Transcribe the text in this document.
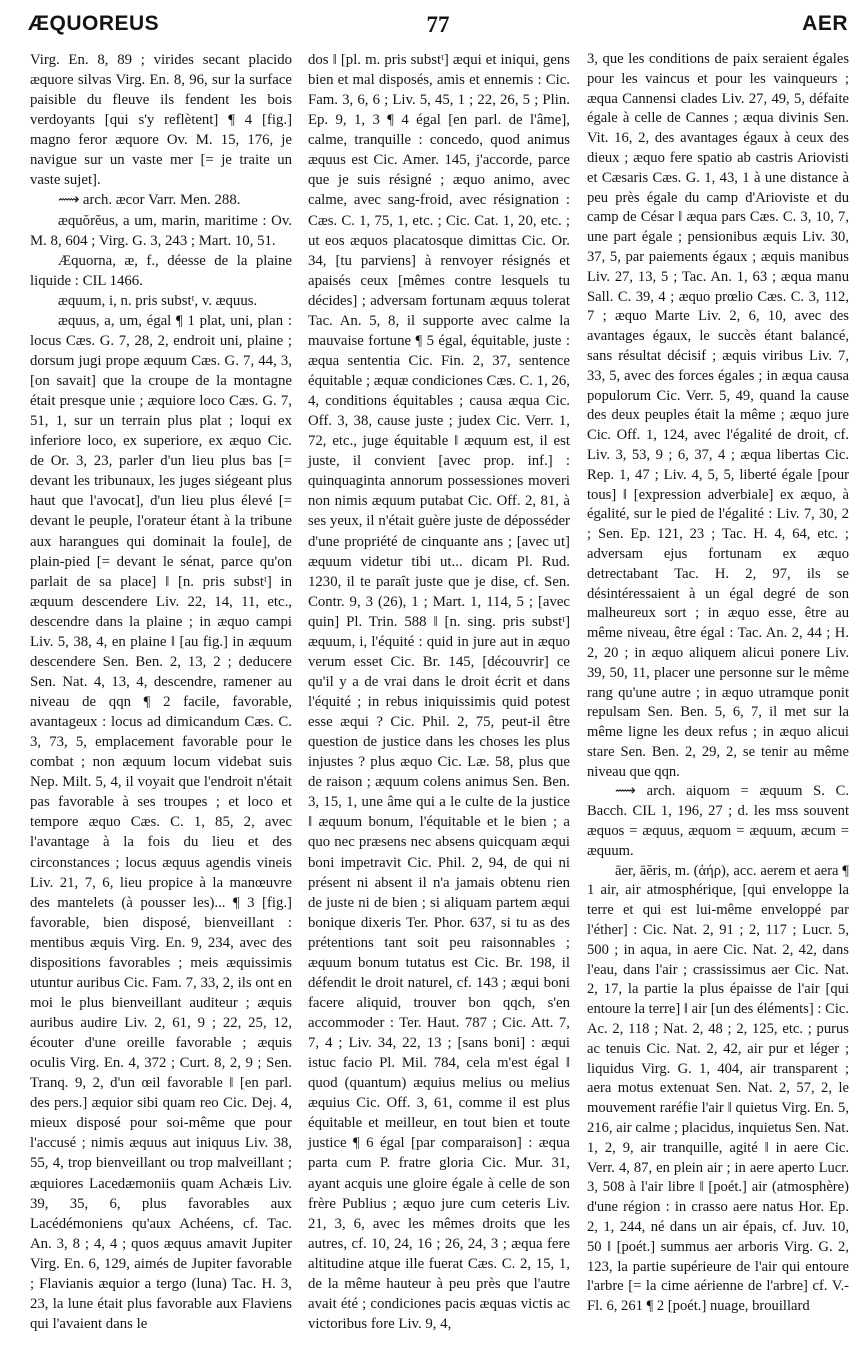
ÆQUOREUS	77	AER

Virg. En. 8, 89 ; virides secant placido æquore silvas Virg. En. 8, 96, sur la surface paisible du fleuve ils fendent les bois verdoyants [qui s'y reflètent] ¶ 4 [fig.] magno feror æquore Ov. M. 15, 176, je navigue sur un vaste mer [= je traite un vaste sujet].

⟿ arch. æcor Varr. Men. 288.

æquŏrĕus, a um, marin, maritime : Ov. M. 8, 604 ; Virg. G. 3, 243 ; Mart. 10, 51.

Æquorna, æ, f., déesse de la plaine liquide : CIL 1466.

æquum, i, n. pris substᵗ, v. æquus.

æquus, a, um, égal ¶ 1 plat, uni, plan : locus Cæs. G. 7, 28, 2, endroit uni, plaine ; dorsum jugi prope æquum Cæs. G. 7, 44, 3, [on savait] que la croupe de la montagne était presque unie ; æquiore loco Cæs. G. 7, 51, 1, sur un terrain plus plat ; loqui ex inferiore loco, ex superiore, ex æquo Cic. de Or. 3, 23, parler d'un lieu plus bas [= devant les tribunaux, les juges siégeant plus haut que l'avocat], d'un lieu plus élevé [= devant le peuple, l'orateur étant à la tribune aux harangues qui dominait la foule], de plain-pied [= devant le sénat, parce qu'on parlait de sa place] ‖ [n. pris substᵗ] in æquum descendere Liv. 22, 14, 11, etc., descendre dans la plaine ; in æquo campi Liv. 5, 38, 4, en plaine ‖ [au fig.] in æquum descendere Sen. Ben. 2, 13, 2 ; deducere Sen. Nat. 4, 13, 4, descendre, ramener au niveau de qqn ¶ 2 facile, favorable, avantageux : locus ad dimicandum Cæs. C. 3, 73, 5, emplacement favorable pour le combat ; non æquum locum videbat suis Nep. Milt. 5, 4, il voyait que l'endroit n'était pas favorable à ses troupes ; et loco et tempore æquo Cæs. C. 1, 85, 2, avec l'avantage à la fois du lieu et des circonstances ; locus æquus agendis vineis Liv. 21, 7, 6, lieu propice à la manœuvre des mantelets (à pousser les)... ¶ 3 [fig.] favorable, bien disposé, bienveillant : mentibus æquis Virg. En. 9, 234, avec des dispositions favorables ; meis æquissimis utuntur auribus Cic. Fam. 7, 33, 2, ils ont en moi le plus bienveillant auditeur ; æquis auribus audire Liv. 2, 61, 9 ; 22, 25, 12, écouter d'une oreille favorable ; æquis oculis Virg. En. 4, 372 ; Curt. 8, 2, 9 ; Sen. Tranq. 9, 2, d'un œil favorable ‖ [en parl. des pers.] æquior sibi quam reo Cic. Dej. 4, mieux disposé pour soi-même que pour l'accusé ; nimis æquus aut iniquus Liv. 38, 55, 4, trop bienveillant ou trop malveillant ; æquiores Lacedæmoniis quam Achæis Liv. 39, 35, 6, plus favorables aux Lacédémoniens qu'aux Achéens, cf. Tac. An. 3, 8 ; 4, 4 ; quos æquus amavit Jupiter Virg. En. 6, 129, aimés de Jupiter favorable ; Flavianis æquior a tergo (luna) Tac. H. 3, 23, la lune était plus favorable aux Flaviens qui l'avaient dans le

dos ‖ [pl. m. pris substᵗ] æqui et iniqui, gens bien et mal disposés, amis et ennemis : Cic. Fam. 3, 6, 6 ; Liv. 5, 45, 1 ; 22, 26, 5 ; Plin. Ep. 9, 1, 3 ¶ 4 égal [en parl. de l'âme], calme, tranquille : concedo, quod animus æquus est Cic. Amer. 145, j'accorde, parce que je suis résigné ; æquo animo, avec calme, avec sang-froid, avec résignation : Cæs. C. 1, 75, 1, etc. ; Cic. Cat. 1, 20, etc. ; ut eos æquos placatosque dimittas Cic. Or. 34, [tu parviens] à renvoyer résignés et apaisés ceux [mêmes contre lesquels tu décides] ; adversam fortunam æquus tolerat Tac. An. 5, 8, il supporte avec calme la mauvaise fortune ¶ 5 égal, équitable, juste : æqua sententia Cic. Fin. 2, 37, sentence équitable ; æquæ condiciones Cæs. C. 1, 26, 4, conditions équitables ; causa æqua Cic. Off. 3, 38, cause juste ; judex Cic. Verr. 1, 72, etc., juge équitable ‖ æquum est, il est juste, il convient [avec prop. inf.] : quinquaginta annorum possessiones moveri non nimis æquum putabat Cic. Off. 2, 81, à ses yeux, il n'était guère juste de déposséder d'une propriété de cinquante ans ; [avec ut] æquum videtur tibi ut... dicam Pl. Rud. 1230, il te paraît juste que je dise, cf. Sen. Contr. 9, 3 (26), 1 ; Mart. 1, 114, 5 ; [avec quin] Pl. Trin. 588 ‖ [n. sing. pris substᵗ] æquum, i, l'équité : quid in jure aut in æquo verum esset Cic. Br. 145, [découvrir] ce qu'il y a de vrai dans le droit écrit et dans l'équité ; in rebus iniquissimis quid potest esse æqui ? Cic. Phil. 2, 75, peut-il être question de justice dans les choses les plus injustes ? plus æquo Cic. Læ. 58, plus que de raison ; æquum colens animus Sen. Ben. 3, 15, 1, une âme qui a le culte de la justice ‖ æquum bonum, l'équitable et le bien ; a quo nec præsens nec absens quicquam æqui boni impetravit Cic. Phil. 2, 94, de qui ni présent ni absent il n'a jamais obtenu rien de juste ni de bien ; si aliquam partem æqui bonique dixeris Ter. Phor. 637, si tu as des prétentions tant soit peu raisonnables ; æquum bonum tutatus est Cic. Br. 198, il défendit le droit naturel, cf. 143 ; æqui boni facere aliquid, trouver bon qqch, s'en accommoder : Ter. Haut. 787 ; Cic. Att. 7, 7, 4 ; Liv. 34, 22, 13 ; [sans boni] : æqui istuc facio Pl. Mil. 784, cela m'est égal ‖ quod (quantum) æquius melius ou melius æquius Cic. Off. 3, 61, comme il est plus équitable et meilleur, en tout bien et toute justice ¶ 6 égal [par comparaison] : æqua parta cum P. fratre gloria Cic. Mur. 31, ayant acquis une gloire égale à celle de son frère Publius ; æquo jure cum ceteris Liv. 21, 3, 6, avec les mêmes droits que les autres, cf. 10, 24, 16 ; 26, 24, 3 ; æqua fere altitudine atque ille fuerat Cæs. C. 2, 15, 1, de la même hauteur à peu près que l'autre avait été ; condiciones pacis æquas victis ac victoribus fore Liv. 9, 4,

3, que les conditions de paix seraient égales pour les vaincus et pour les vainqueurs ; æqua Cannensi clades Liv. 27, 49, 5, défaite égale à celle de Cannes ; æqua divinis Sen. Vit. 16, 2, des avantages égaux à ceux des dieux ; æquo fere spatio ab castris Ariovisti et Cæsaris Cæs. G. 1, 43, 1 à une distance à peu près égale du camp d'Arioviste et du camp de César ‖ æqua pars Cæs. C. 3, 10, 7, une part égale ; pensionibus æquis Liv. 30, 37, 5, par paiements égaux ; æquis manibus Liv. 27, 13, 5 ; Tac. An. 1, 63 ; æqua manu Sall. C. 39, 4 ; æquo prœlio Cæs. C. 3, 112, 7 ; æquo Marte Liv. 2, 6, 10, avec des avantages égaux, le succès étant balancé, sans résultat décisif ; æquis viribus Liv. 7, 33, 5, avec des forces égales ; in æqua causa populorum Cic. Verr. 5, 49, quand la cause des deux peuples était la même ; æquo jure Cic. Off. 1, 124, avec l'égalité de droit, cf. Liv. 3, 53, 9 ; 6, 37, 4 ; æqua libertas Cic. Rep. 1, 47 ; Liv. 4, 5, 5, liberté égale [pour tous] ‖ [expression adverbiale] ex æquo, à égalité, sur le pied de l'égalité : Liv. 7, 30, 2 ; Sen. Ep. 121, 23 ; Tac. H. 4, 64, etc. ; adversam ejus fortunam ex æquo detrectabant Tac. H. 2, 97, ils se désintéressaient à un égal degré de son malheureux sort ; in æquo esse, être au même niveau, être égal : Tac. An. 2, 44 ; H. 2, 20 ; in æquo aliquem alicui ponere Liv. 39, 50, 11, placer une personne sur le même rang qu'une autre ; in æquo utramque ponit repulsam Sen. Ben. 5, 6, 7, il met sur la même ligne les deux refus ; in æquo alicui stare Sen. Ben. 2, 29, 2, se tenir au même niveau que qqn.

⟿ arch. aiquom = æquum S. C. Bacch. CIL 1, 196, 27 ; d. les mss souvent æquos = æquus, æquom = æquum, æcum = æquum.

āer, āĕris, m. (ἀήρ), acc. aerem et aera ¶ 1 air, air atmosphérique, [qui enveloppe la terre et qui est lui-même enveloppé par l'éther] : Cic. Nat. 2, 91 ; 2, 117 ; Lucr. 5, 500 ; in aqua, in aere Cic. Nat. 2, 42, dans l'eau, dans l'air ; crassissimus aer Cic. Nat. 2, 17, la partie la plus épaisse de l'air [qui entoure la terre] ‖ air [un des éléments] : Cic. Ac. 2, 118 ; Nat. 2, 48 ; 2, 125, etc. ; purus ac tenuis Cic. Nat. 2, 42, air pur et léger ; liquidus Virg. G. 1, 404, air transparent ; aera motus extenuat Sen. Nat. 2, 57, 2, le mouvement raréfie l'air ‖ quietus Virg. En. 5, 216, air calme ; placidus, inquietus Sen. Nat. 1, 2, 9, air tranquille, agité ‖ in aere Cic. Verr. 4, 87, en plein air ; in aere aperto Lucr. 3, 508 à l'air libre ‖ [poét.] air (atmosphère) d'une région : in crasso aere natus Hor. Ep. 2, 1, 244, né dans un air épais, cf. Juv. 10, 50 ‖ [poét.] summus aer arboris Virg. G. 2, 123, la partie supérieure de l'air qui entoure l'arbre [= la cime aérienne de l'arbre] cf. V.-Fl. 6, 261 ¶ 2 [poét.] nuage, brouillard
